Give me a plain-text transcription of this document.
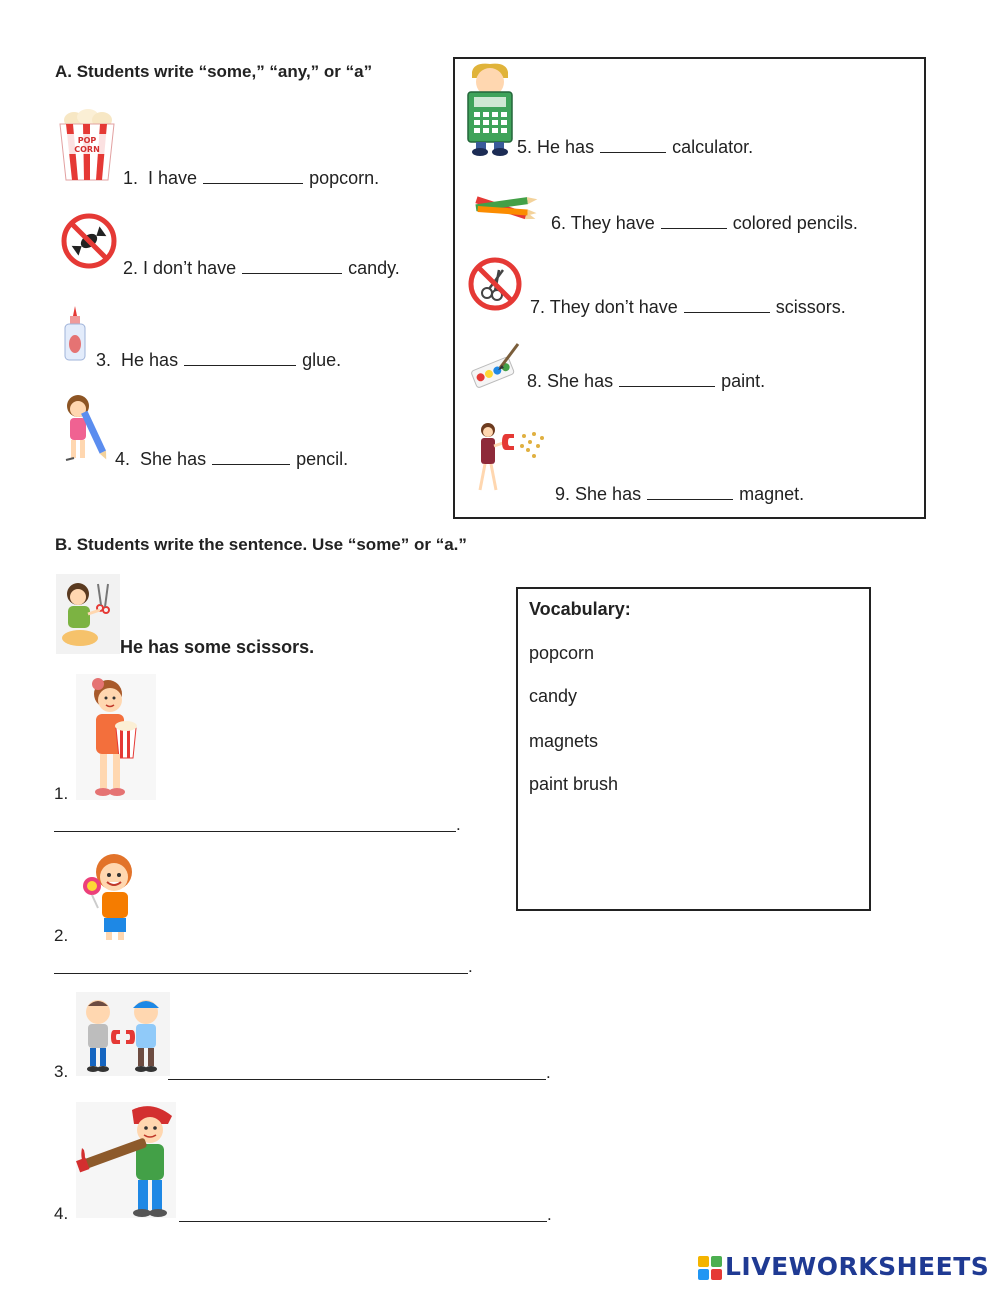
A. Students write “some,” “any,” or “a”
POP
CORN
1. I have	popcorn.
2. I don’t have	candy.
3. He has	glue.
4. She has	pencil.
5. He has	calculator.
6. They have	colored pencils.
7. They don’t have	scissors.
8. She has	paint.
9. She has	magnet.
B. Students write the sentence. Use “some” or “a.”
He has some scissors.
1.
.
2.
.
3.	.
4.	.
Vocabulary:
popcorn
candy
magnets
paint brush
LIVEWORKSHEETS
